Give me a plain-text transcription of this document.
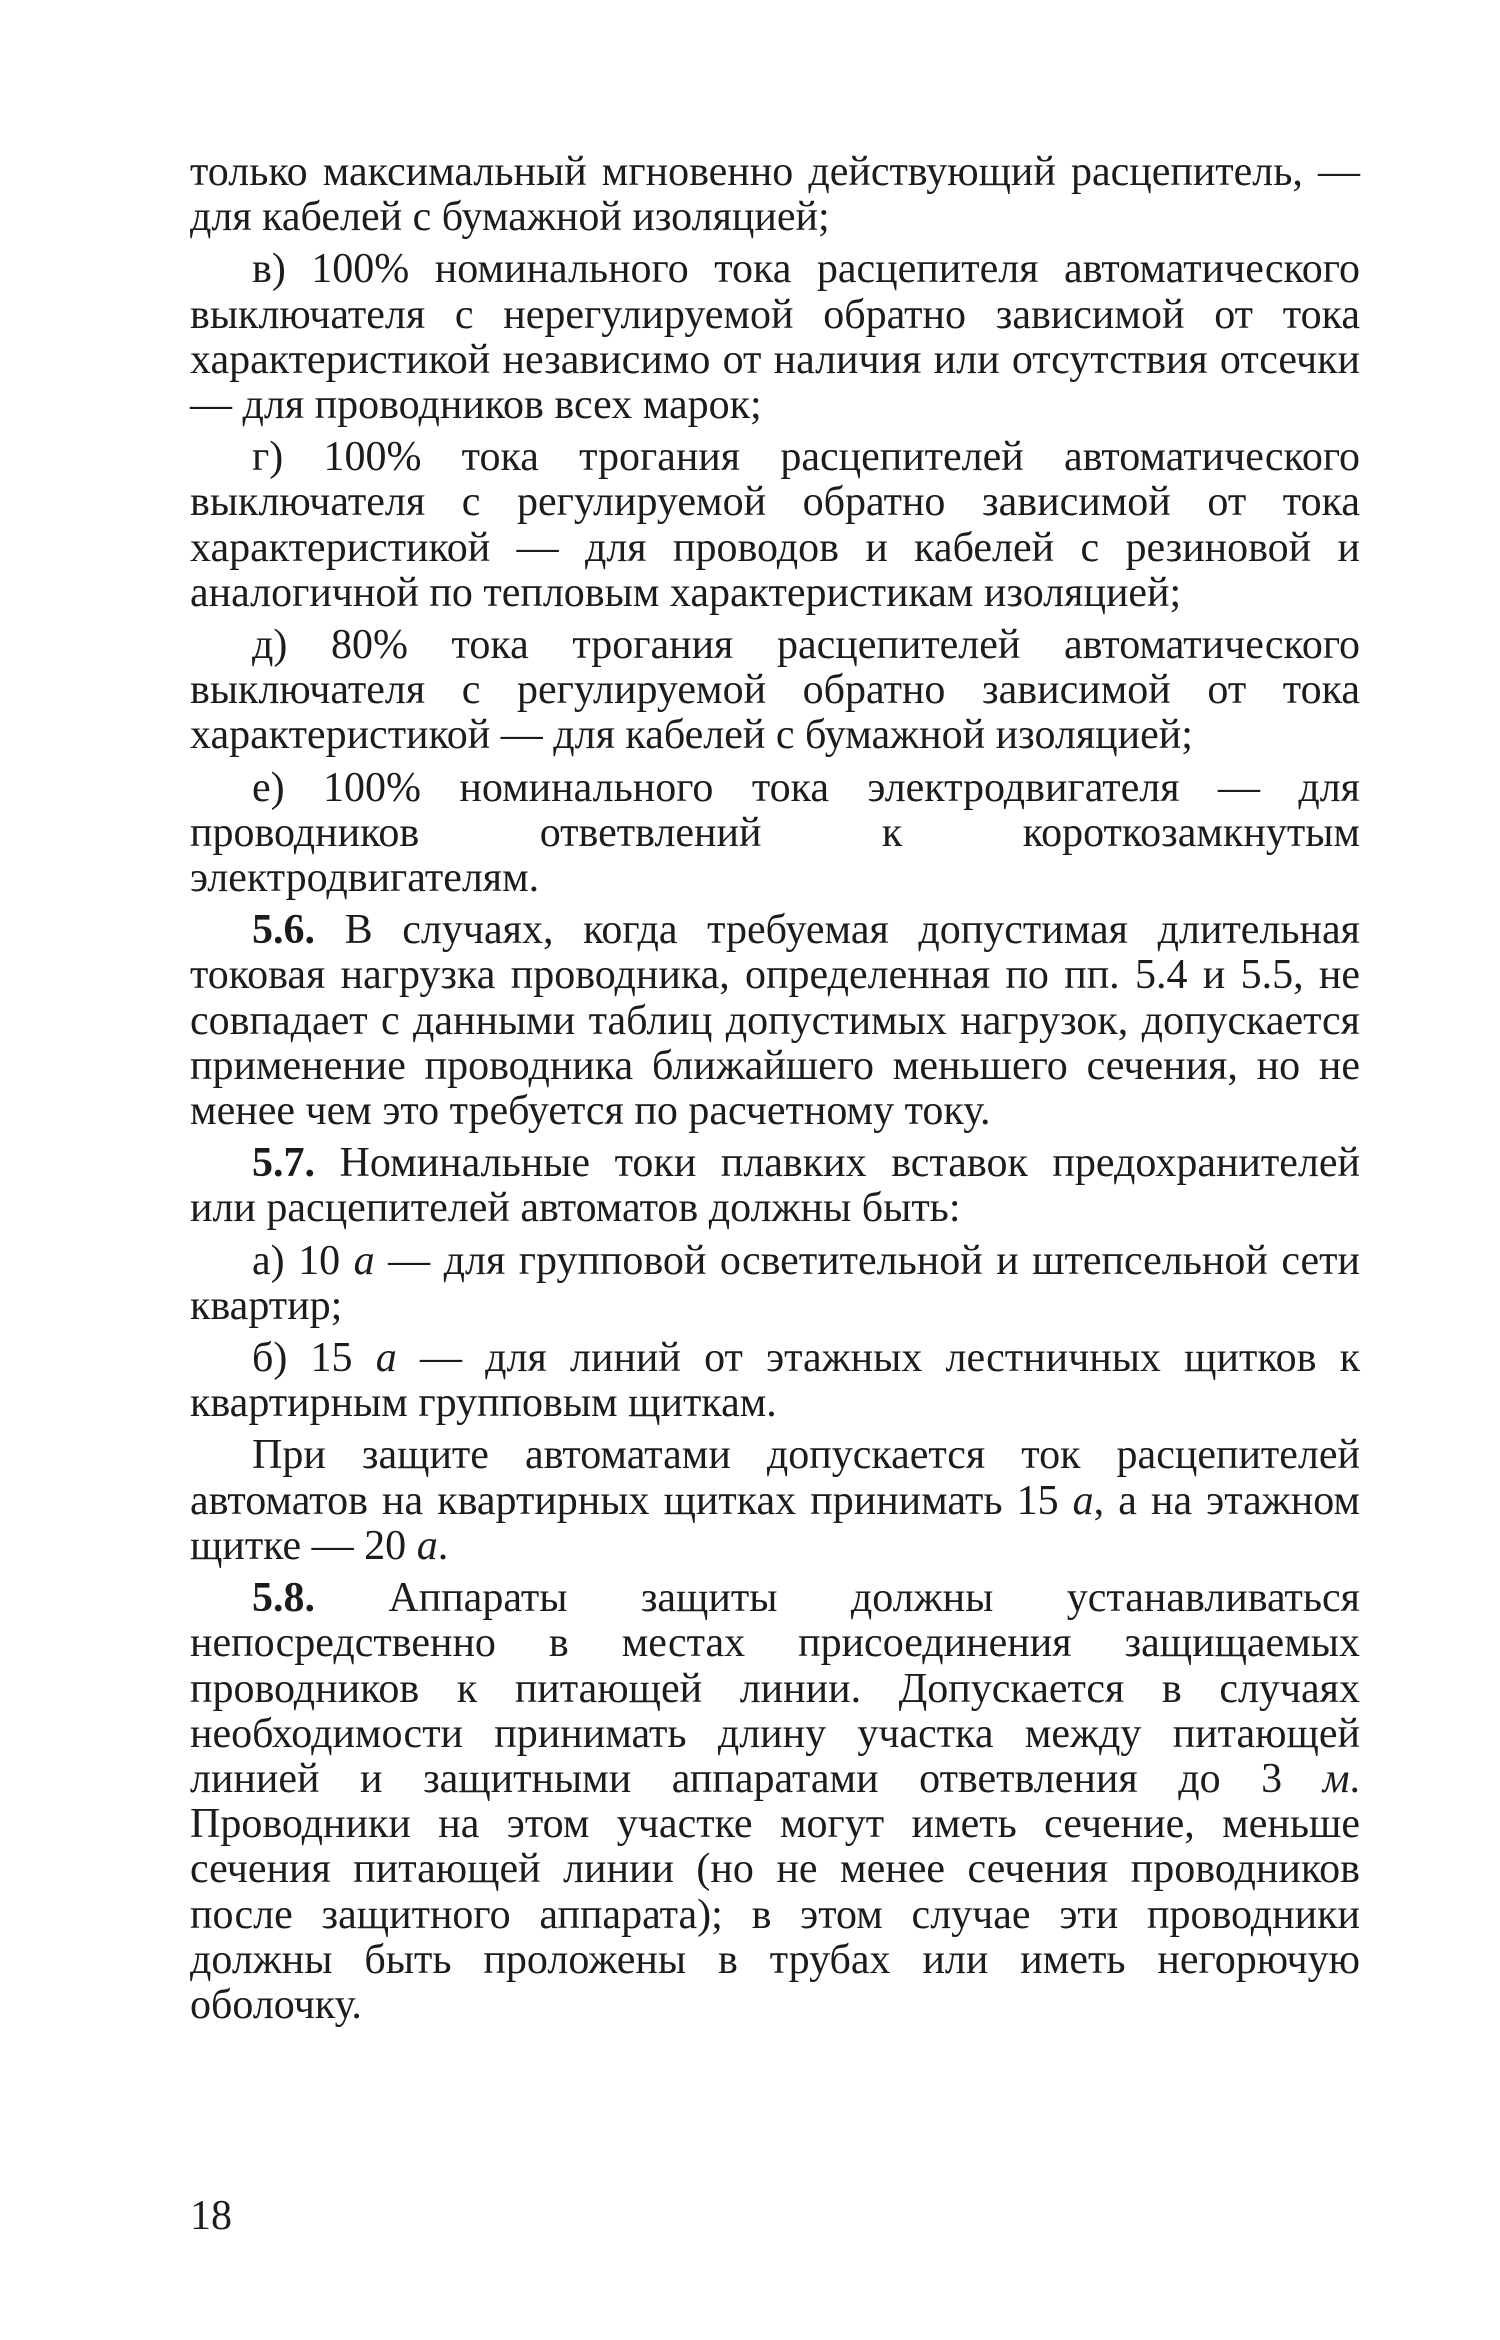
только максимальный мгновенно действующий расцепитель, — для кабелей с бумажной изоляцией;

в) 100% номинального тока расцепителя автоматического выключателя с нерегулируемой обратно зависимой от тока характеристикой независимо от наличия или отсутствия отсечки — для проводников всех марок;

г) 100% тока трогания расцепителей автоматического выключателя с регулируемой обратно зависимой от тока характеристикой — для проводов и кабелей с резиновой и аналогичной по тепловым характеристикам изоляцией;

д) 80% тока трогания расцепителей автоматического выключателя с регулируемой обратно зависимой от тока характеристикой — для кабелей с бумажной изоляцией;

е) 100% номинального тока электродвигателя — для проводников ответвлений к короткозамкнутым электродвигателям.

5.6. В случаях, когда требуемая допустимая длительная токовая нагрузка проводника, определенная по пп. 5.4 и 5.5, не совпадает с данными таблиц допустимых нагрузок, допускается применение проводника ближайшего меньшего сечения, но не менее чем это требуется по расчетному току.

5.7. Номинальные токи плавких вставок предохранителей или расцепителей автоматов должны быть:

а) 10 а — для групповой осветительной и штепсельной сети квартир;

б) 15 а — для линий от этажных лестничных щитков к квартирным групповым щиткам.

При защите автоматами допускается ток расцепителей автоматов на квартирных щитках принимать 15 а, а на этажном щитке — 20 а.

5.8. Аппараты защиты должны устанавливаться непосредственно в местах присоединения защищаемых проводников к питающей линии. Допускается в случаях необходимости принимать длину участка между питающей линией и защитными аппаратами ответвления до 3 м. Проводники на этом участке могут иметь сечение, меньше сечения питающей линии (но не менее сечения проводников после защитного аппарата); в этом случае эти проводники должны быть проложены в трубах или иметь негорючую оболочку.

18
